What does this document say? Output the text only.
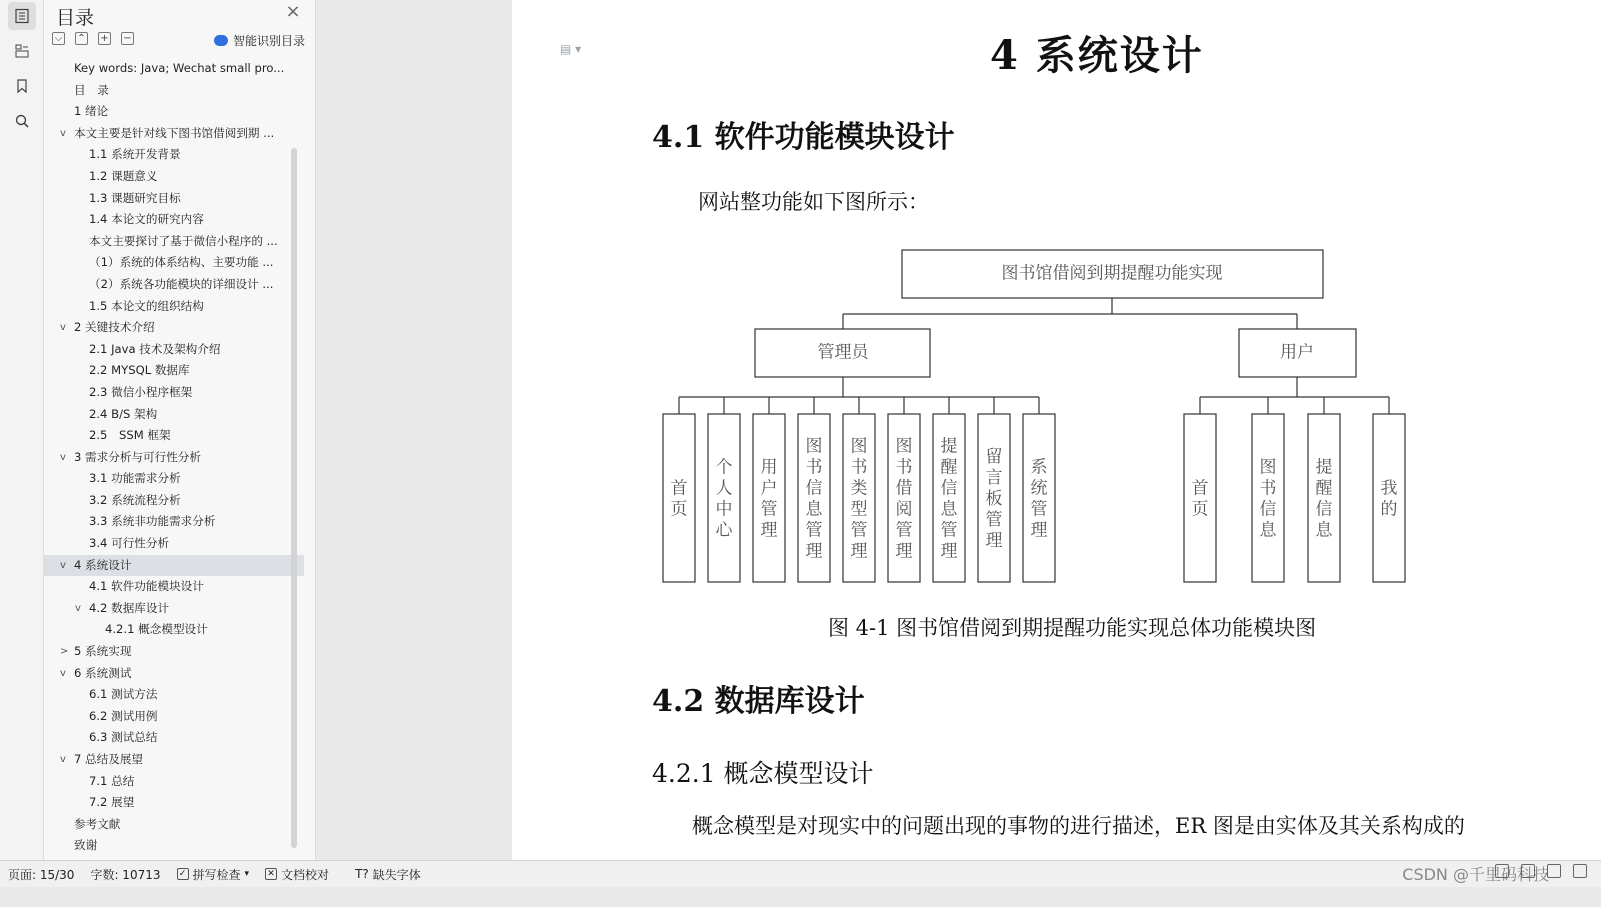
目录	×
⌵ ⌃ + −	智能识别目录
Key words: Java; Wechat small pro...
目　录
1 绪论
v 本文主要是针对线下图书馆借阅到期 ...
1.1 系统开发背景
1.2 课题意义
1.3 课题研究目标
1.4 本论文的研究内容
本文主要探讨了基于微信小程序的 ...
（1）系统的体系结构、主要功能 ...
（2）系统各功能模块的详细设计 ...
1.5 本论文的组织结构
v 2 关键技术介绍
2.1 Java 技术及架构介绍
2.2 MYSQL 数据库
2.3 微信小程序框架
2.4 B/S 架构
2.5　SSM 框架
v 3 需求分析与可行性分析
3.1 功能需求分析
3.2 系统流程分析
3.3 系统非功能需求分析
3.4 可行性分析
v 4 系统设计
4.1 软件功能模块设计
v 4.2 数据库设计
4.2.1 概念模型设计
> 5 系统实现
v 6 系统测试
6.1 测试方法
6.2 测试用例
6.3 测试总结
v 7 总结及展望
7.1 总结
7.2 展望
参考文献
致谢
▤ ▾	4 系统设计
4.1 软件功能模块设计
网站整功能如下图所示：
图书馆借阅到期提醒功能实现
管理员	用户
首页
个人中心
用户管理
图书信息管理
图书类型管理
图书借阅管理
提醒信息管理
留言板管理
系统管理
首页
图书信息
提醒信息
我的
图 4-1 图书馆借阅到期提醒功能实现总体功能模块图
4.2 数据库设计
4.2.1 概念模型设计
概念模型是对现实中的问题出现的事物的进行描述，ER 图是由实体及其关系构成的
页面: 15/30	字数: 10713	✓ 拼写检查 ▾ ✕ 文档校对 T? 缺失字体	CSDN @千里码科技
